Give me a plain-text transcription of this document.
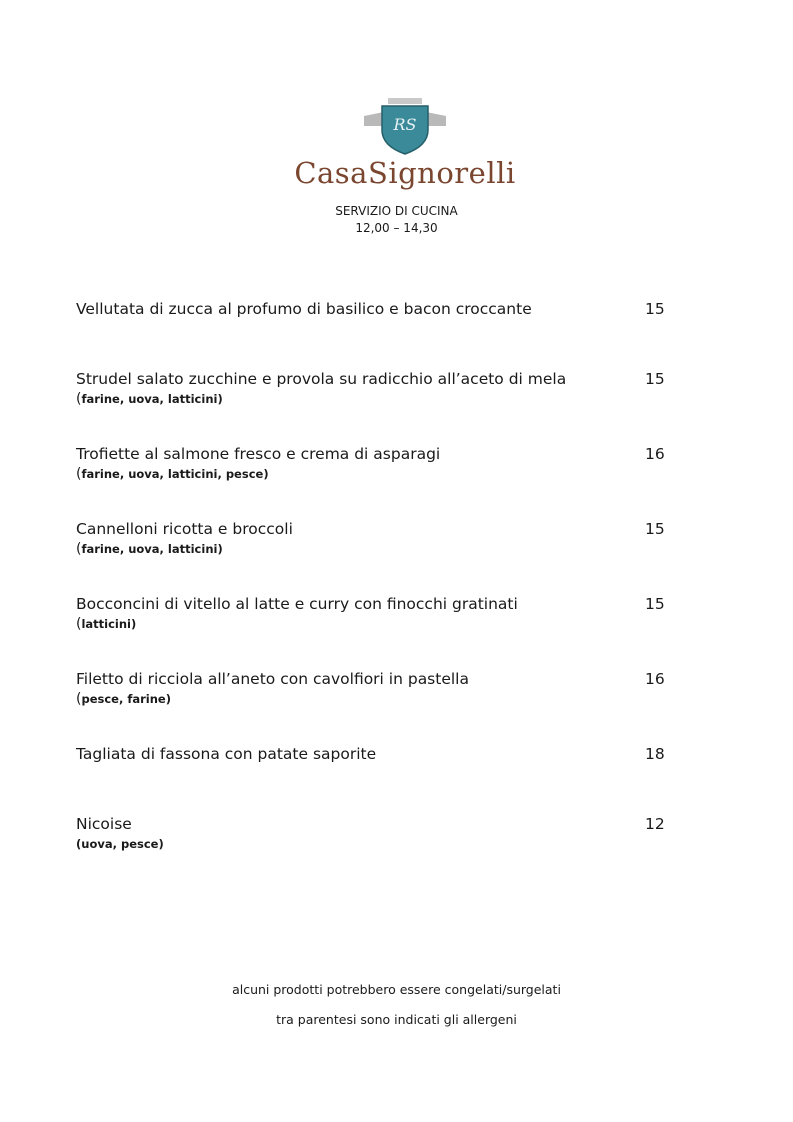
RS
CasaSignorelli
SERVIZIO DI CUCINA
12,00 – 14,30
Vellutata di zucca al profumo di basilico e bacon croccante	15
Strudel salato zucchine e provola su radicchio all’aceto di mela	15
(farine, uova, latticini)
Trofiette al salmone fresco e crema di asparagi	16
(farine, uova, latticini, pesce)
Cannelloni ricotta e broccoli	15
(farine, uova, latticini)
Bocconcini di vitello al latte e curry con finocchi gratinati	15
(latticini)
Filetto di ricciola all’aneto con cavolfiori in pastella	16
(pesce, farine)
Tagliata di fassona con patate saporite	18
Nicoise	12
(uova, pesce)
alcuni prodotti potrebbero essere congelati/surgelati
tra parentesi sono indicati gli allergeni
